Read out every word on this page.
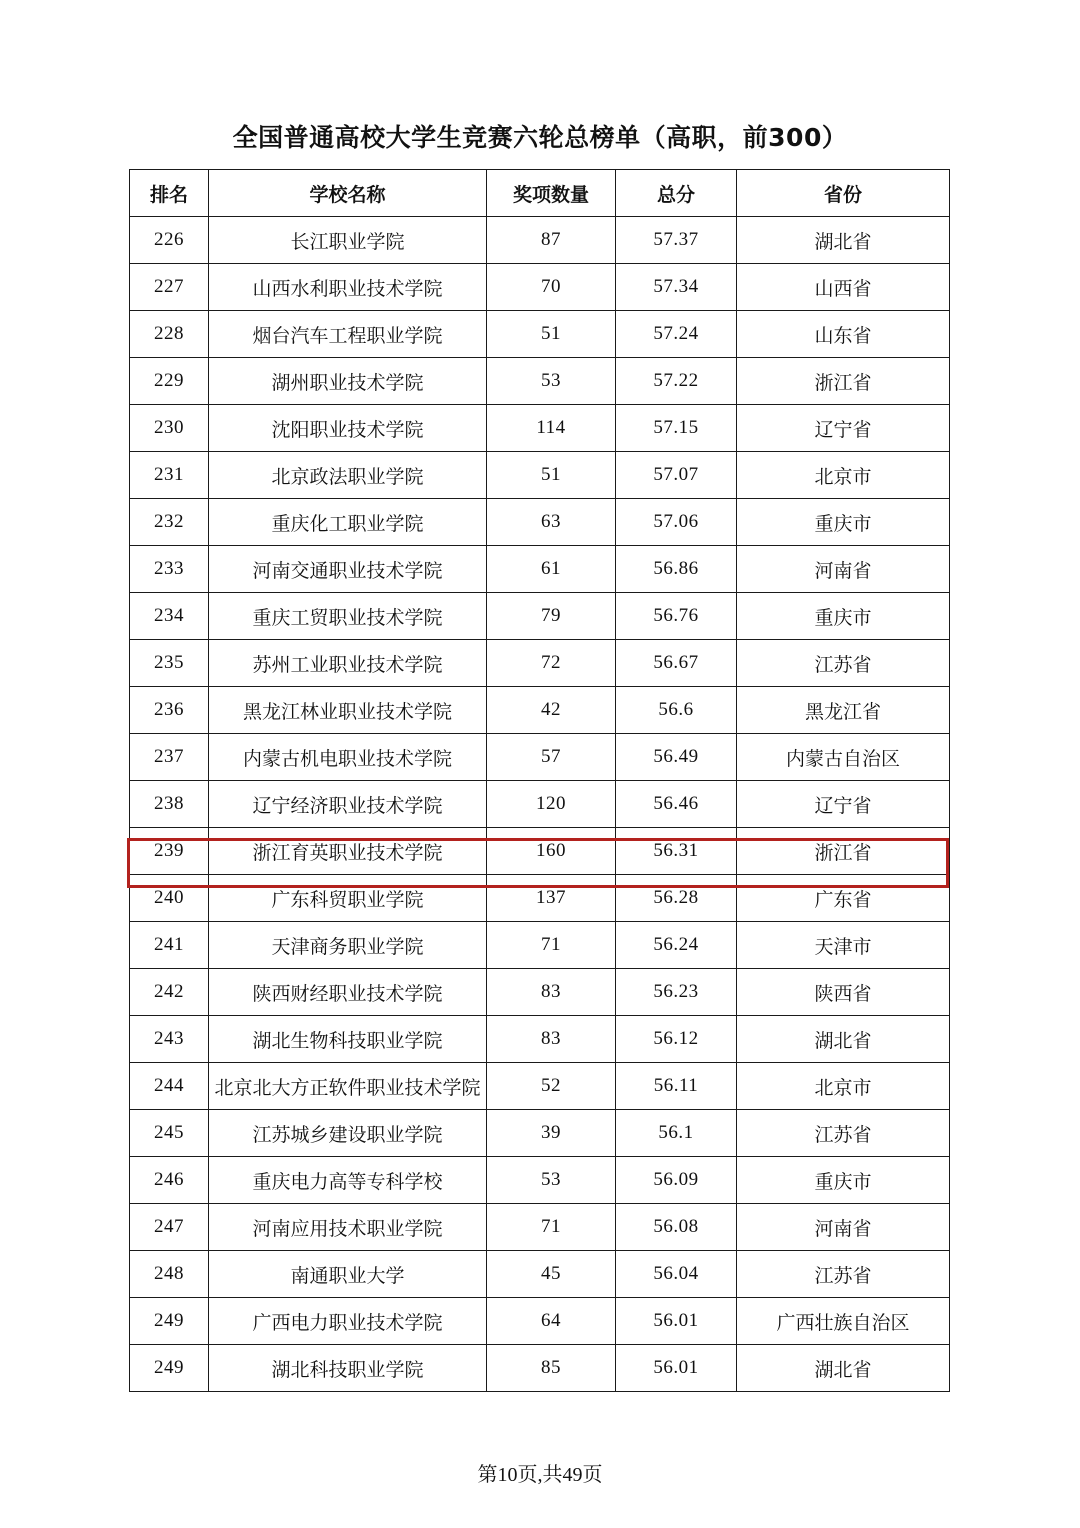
全国普通高校大学生竞赛六轮总榜单（高职，前300）
排名	学校名称	奖项数量	总分	省份
226	长江职业学院	87	57.37	湖北省
227	山西水利职业技术学院	70	57.34	山西省
228	烟台汽车工程职业学院	51	57.24	山东省
229	湖州职业技术学院	53	57.22	浙江省
230	沈阳职业技术学院	114	57.15	辽宁省
231	北京政法职业学院	51	57.07	北京市
232	重庆化工职业学院	63	57.06	重庆市
233	河南交通职业技术学院	61	56.86	河南省
234	重庆工贸职业技术学院	79	56.76	重庆市
235	苏州工业职业技术学院	72	56.67	江苏省
236	黑龙江林业职业技术学院	42	56.6	黑龙江省
237	内蒙古机电职业技术学院	57	56.49	内蒙古自治区
238	辽宁经济职业技术学院	120	56.46	辽宁省
239	浙江育英职业技术学院	160	56.31	浙江省
240	广东科贸职业学院	137	56.28	广东省
241	天津商务职业学院	71	56.24	天津市
242	陕西财经职业技术学院	83	56.23	陕西省
243	湖北生物科技职业学院	83	56.12	湖北省
244	北京北大方正软件职业技术学院	52	56.11	北京市
245	江苏城乡建设职业学院	39	56.1	江苏省
246	重庆电力高等专科学校	53	56.09	重庆市
247	河南应用技术职业学院	71	56.08	河南省
248	南通职业大学	45	56.04	江苏省
249	广西电力职业技术学院	64	56.01	广西壮族自治区
249	湖北科技职业学院	85	56.01	湖北省
第10页,共49页
